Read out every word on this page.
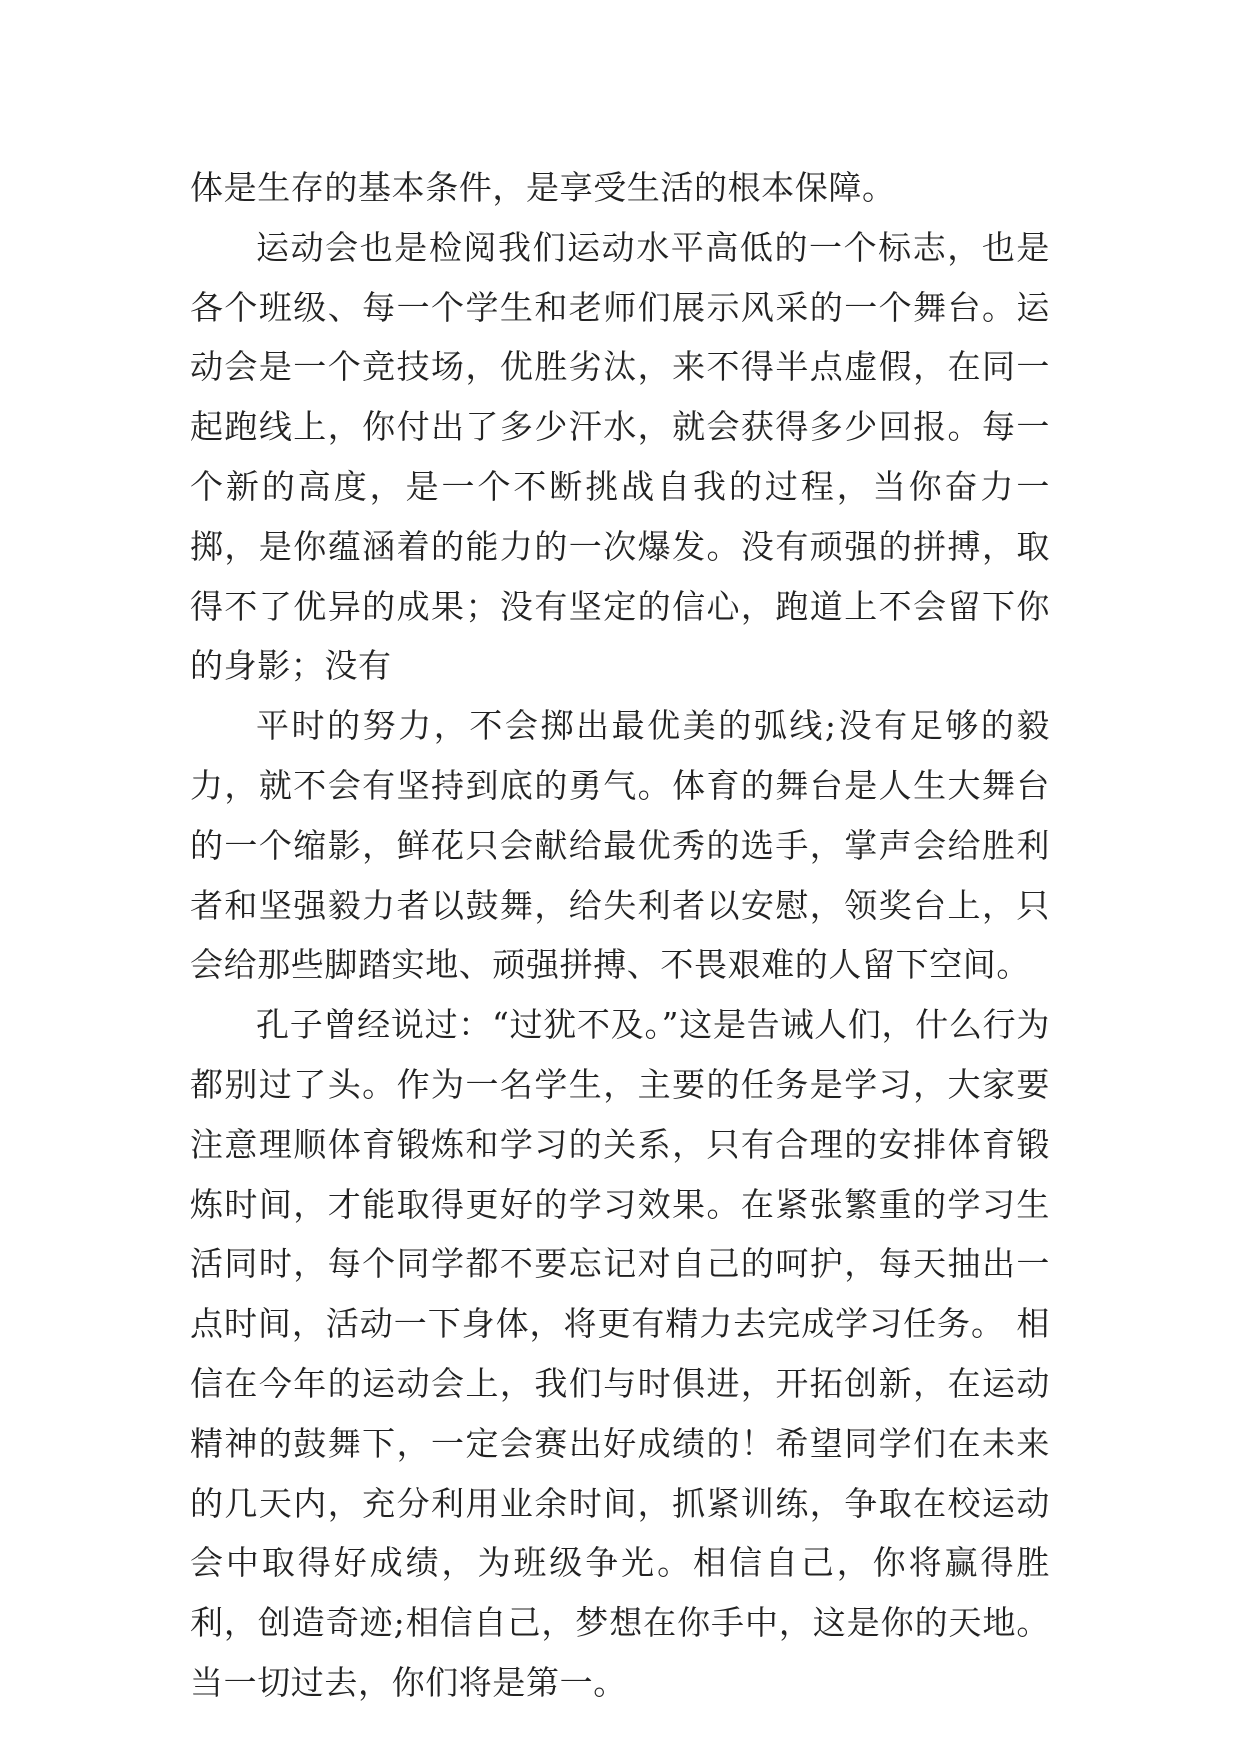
体是生存的基本条件，是享受生活的根本保障。

运动会也是检阅我们运动水平高低的一个标志，也是各个班级、每一个学生和老师们展示风采的一个舞台。运动会是一个竞技场，优胜劣汰，来不得半点虚假，在同一起跑线上，你付出了多少汗水，就会获得多少回报。每一个新的高度，是一个不断挑战自我的过程，当你奋力一掷，是你蕴涵着的能力的一次爆发。没有顽强的拼搏，取得不了优异的成果；没有坚定的信心，跑道上不会留下你的身影；没有

平时的努力，不会掷出最优美的弧线;没有足够的毅力，就不会有坚持到底的勇气。体育的舞台是人生大舞台的一个缩影，鲜花只会献给最优秀的选手，掌声会给胜利者和坚强毅力者以鼓舞，给失利者以安慰，领奖台上，只会给那些脚踏实地、顽强拼搏、不畏艰难的人留下空间。

孔子曾经说过：“过犹不及。”这是告诫人们，什么行为都别过了头。作为一名学生，主要的任务是学习，大家要注意理顺体育锻炼和学习的关系，只有合理的安排体育锻炼时间，才能取得更好的学习效果。在紧张繁重的学习生活同时，每个同学都不要忘记对自己的呵护，每天抽出一点时间，活动一下身体，将更有精力去完成学习任务。 相信在今年的运动会上，我们与时俱进，开拓创新，在运动精神的鼓舞下，一定会赛出好成绩的！希望同学们在未来的几天内，充分利用业余时间，抓紧训练，争取在校运动会中取得好成绩，为班级争光。相信自己，你将赢得胜利，创造奇迹;相信自己，梦想在你手中，这是你的天地。当一切过去，你们将是第一。
